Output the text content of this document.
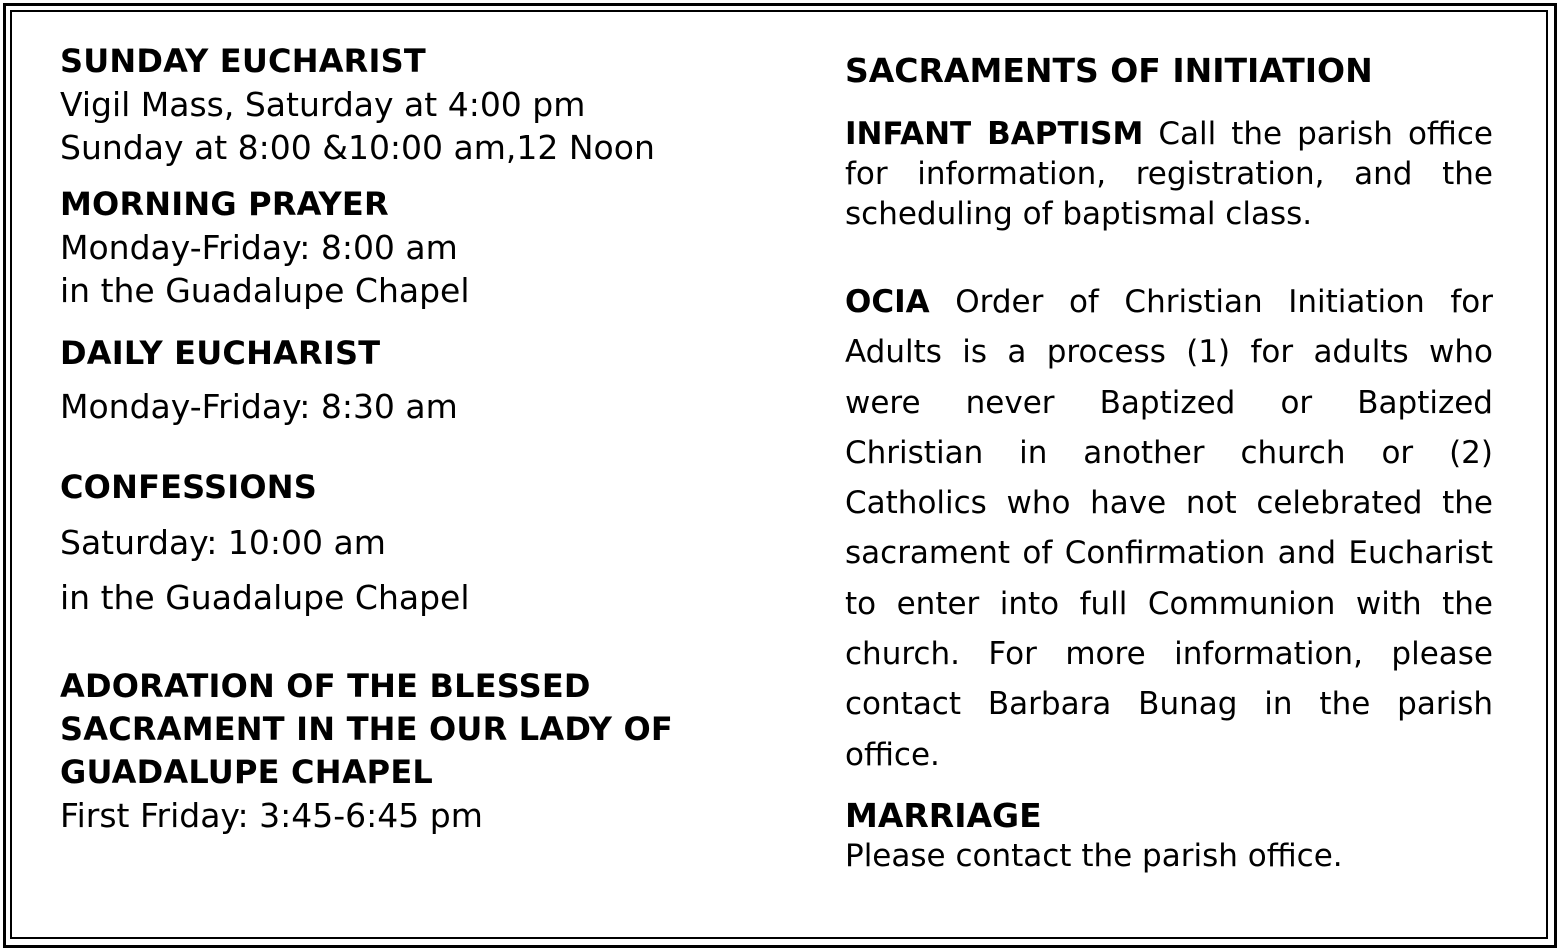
SUNDAY EUCHARIST

Vigil Mass, Saturday at 4:00 pm

Sunday at 8:00 &10:00 am,12 Noon

MORNING PRAYER

Monday-Friday: 8:00 am

in the Guadalupe Chapel

DAILY EUCHARIST

Monday-Friday: 8:30 am

CONFESSIONS

Saturday: 10:00 am

in the Guadalupe Chapel

ADORATION OF THE BLESSED

SACRAMENT IN THE OUR LADY OF

GUADALUPE CHAPEL

First Friday: 3:45-6:45 pm

SACRAMENTS OF INITIATION

INFANT BAPTISM Call the parish office for information, registration, and the scheduling of baptismal class.

OCIA Order of Christian Initiation for Adults is a process (1) for adults who were never Baptized or Baptized Christian in another church or (2) Catholics who have not celebrated the sacrament of Confirmation and Eucharist to enter into full Communion with the church. For more information, please contact Barbara Bunag in the parish office.

MARRIAGE

Please contact the parish office.
